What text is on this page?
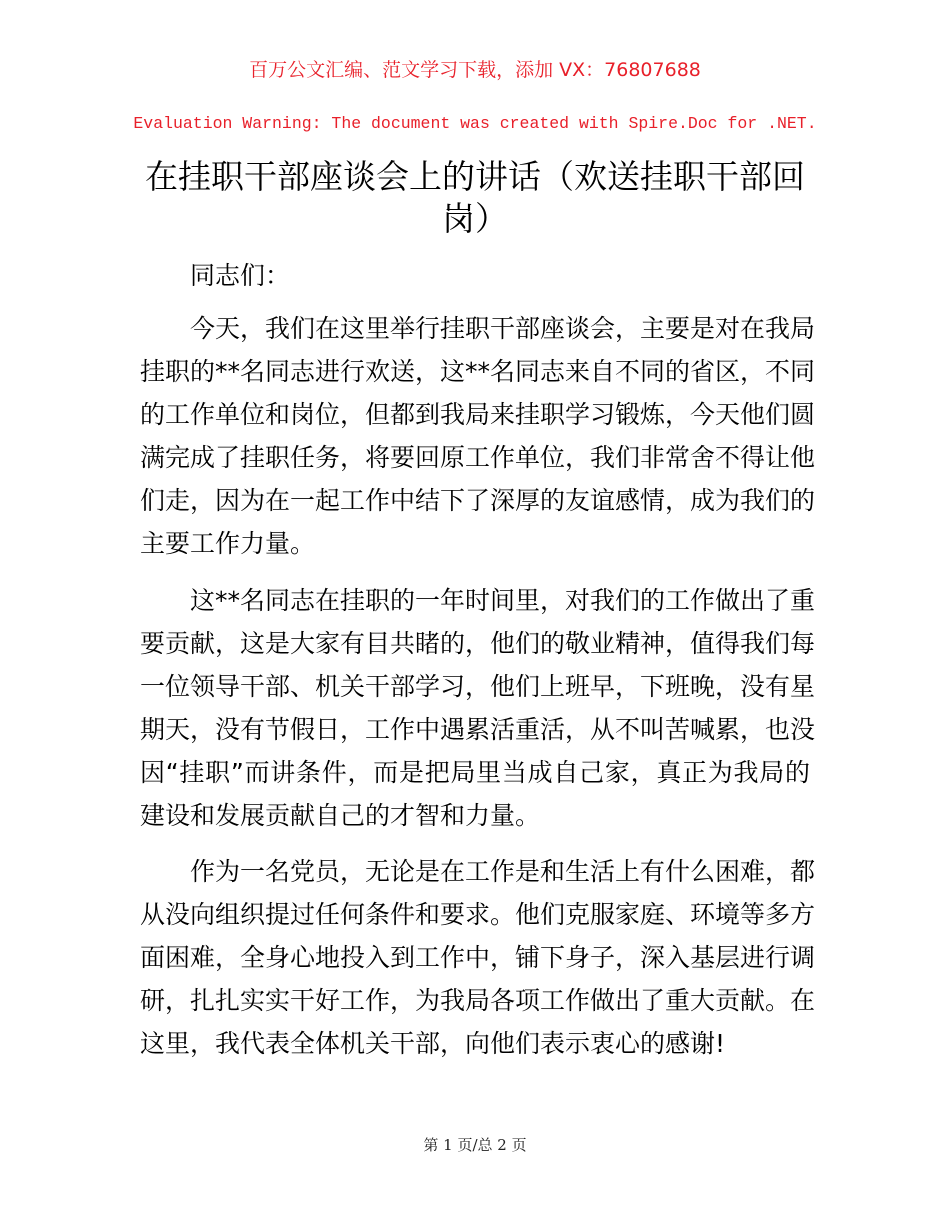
百万公文汇编、范文学习下载，添加 VX：76807688
Evaluation Warning: The document was created with Spire.Doc for .NET.
在挂职干部座谈会上的讲话（欢送挂职干部回
岗）
同志们：
今天，我们在这里举行挂职干部座谈会，主要是对在我局
挂职的**名同志进行欢送，这**名同志来自不同的省区，不同
的工作单位和岗位，但都到我局来挂职学习锻炼，今天他们圆
满完成了挂职任务，将要回原工作单位，我们非常舍不得让他
们走，因为在一起工作中结下了深厚的友谊感情，成为我们的
主要工作力量。
这**名同志在挂职的一年时间里，对我们的工作做出了重
要贡献，这是大家有目共睹的，他们的敬业精神，值得我们每
一位领导干部、机关干部学习，他们上班早，下班晚，没有星
期天，没有节假日，工作中遇累活重活，从不叫苦喊累，也没
因“挂职”而讲条件，而是把局里当成自己家，真正为我局的
建设和发展贡献自己的才智和力量。
作为一名党员，无论是在工作是和生活上有什么困难，都
从没向组织提过任何条件和要求。他们克服家庭、环境等多方
面困难，全身心地投入到工作中，铺下身子，深入基层进行调
研，扎扎实实干好工作，为我局各项工作做出了重大贡献。在
这里，我代表全体机关干部，向他们表示衷心的感谢!
第 1 页/总 2 页
